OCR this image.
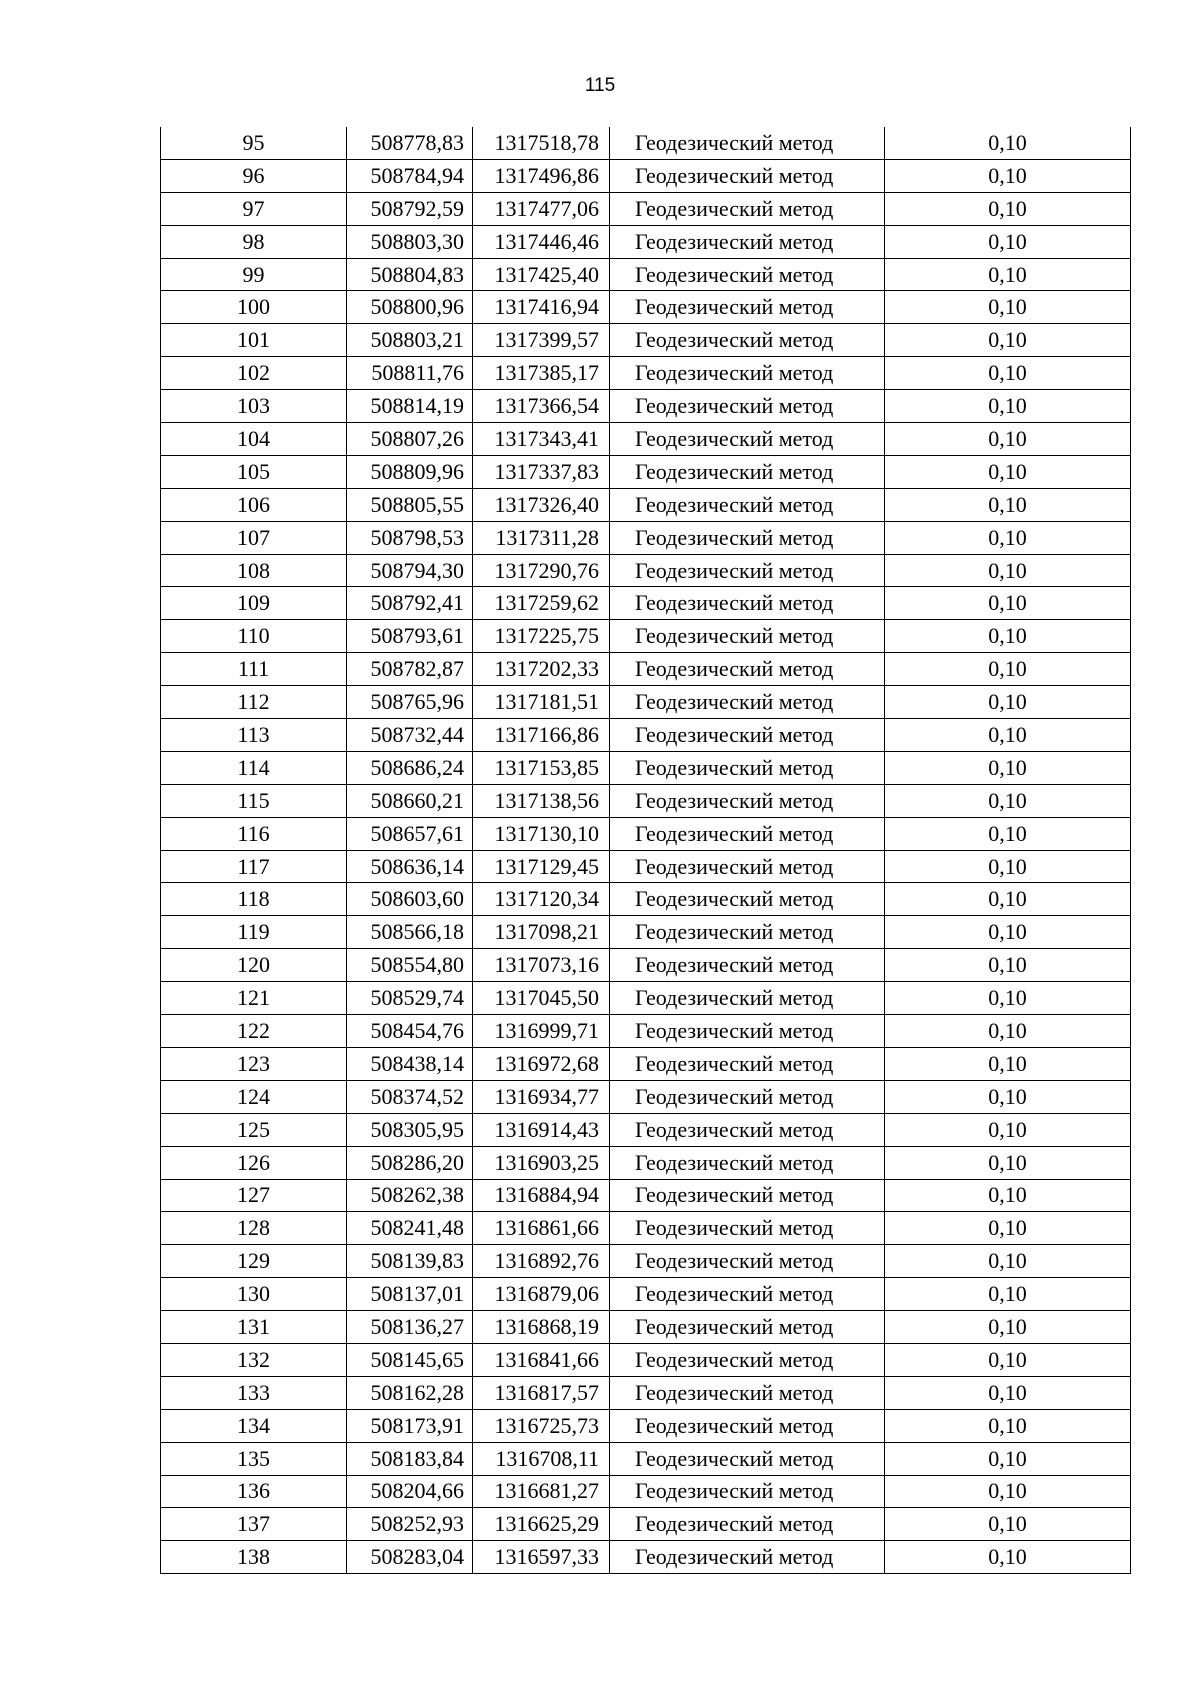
115
95	508778,83	1317518,78	Геодезический метод	0,10
96	508784,94	1317496,86	Геодезический метод	0,10
97	508792,59	1317477,06	Геодезический метод	0,10
98	508803,30	1317446,46	Геодезический метод	0,10
99	508804,83	1317425,40	Геодезический метод	0,10
100	508800,96	1317416,94	Геодезический метод	0,10
101	508803,21	1317399,57	Геодезический метод	0,10
102	508811,76	1317385,17	Геодезический метод	0,10
103	508814,19	1317366,54	Геодезический метод	0,10
104	508807,26	1317343,41	Геодезический метод	0,10
105	508809,96	1317337,83	Геодезический метод	0,10
106	508805,55	1317326,40	Геодезический метод	0,10
107	508798,53	1317311,28	Геодезический метод	0,10
108	508794,30	1317290,76	Геодезический метод	0,10
109	508792,41	1317259,62	Геодезический метод	0,10
110	508793,61	1317225,75	Геодезический метод	0,10
111	508782,87	1317202,33	Геодезический метод	0,10
112	508765,96	1317181,51	Геодезический метод	0,10
113	508732,44	1317166,86	Геодезический метод	0,10
114	508686,24	1317153,85	Геодезический метод	0,10
115	508660,21	1317138,56	Геодезический метод	0,10
116	508657,61	1317130,10	Геодезический метод	0,10
117	508636,14	1317129,45	Геодезический метод	0,10
118	508603,60	1317120,34	Геодезический метод	0,10
119	508566,18	1317098,21	Геодезический метод	0,10
120	508554,80	1317073,16	Геодезический метод	0,10
121	508529,74	1317045,50	Геодезический метод	0,10
122	508454,76	1316999,71	Геодезический метод	0,10
123	508438,14	1316972,68	Геодезический метод	0,10
124	508374,52	1316934,77	Геодезический метод	0,10
125	508305,95	1316914,43	Геодезический метод	0,10
126	508286,20	1316903,25	Геодезический метод	0,10
127	508262,38	1316884,94	Геодезический метод	0,10
128	508241,48	1316861,66	Геодезический метод	0,10
129	508139,83	1316892,76	Геодезический метод	0,10
130	508137,01	1316879,06	Геодезический метод	0,10
131	508136,27	1316868,19	Геодезический метод	0,10
132	508145,65	1316841,66	Геодезический метод	0,10
133	508162,28	1316817,57	Геодезический метод	0,10
134	508173,91	1316725,73	Геодезический метод	0,10
135	508183,84	1316708,11	Геодезический метод	0,10
136	508204,66	1316681,27	Геодезический метод	0,10
137	508252,93	1316625,29	Геодезический метод	0,10
138	508283,04	1316597,33	Геодезический метод	0,10
